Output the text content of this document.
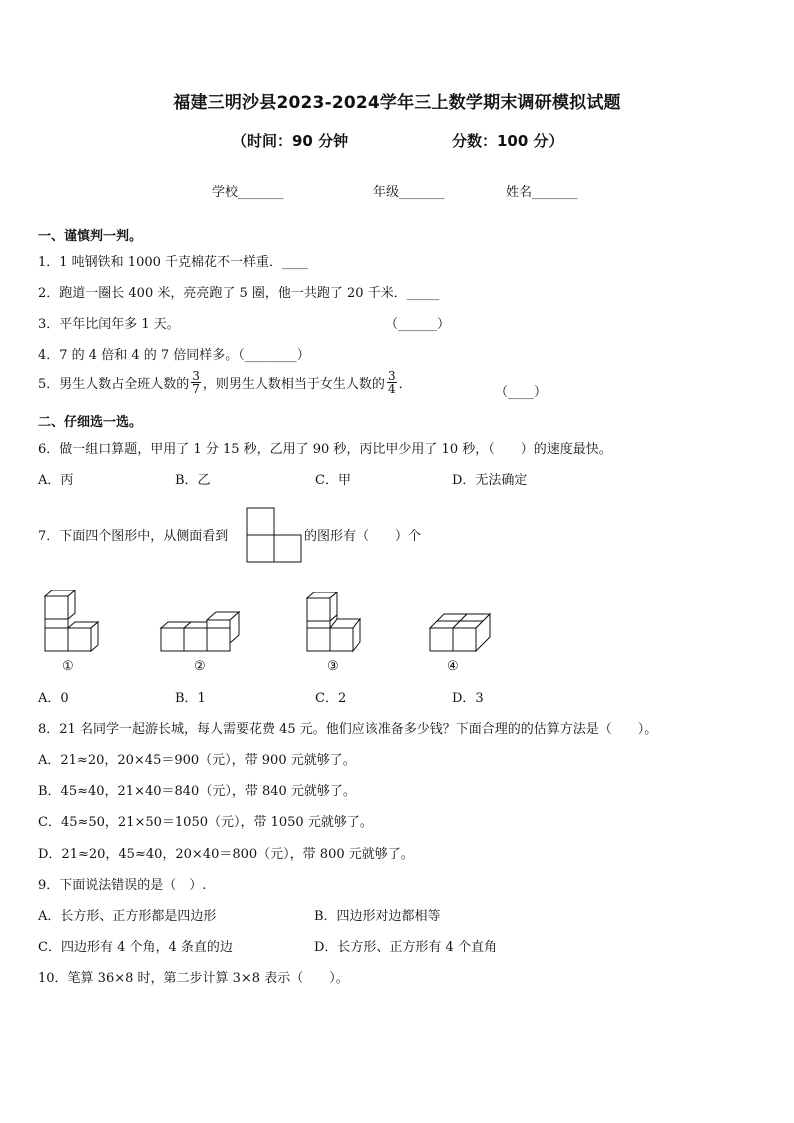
福建三明沙县2023-2024学年三上数学期末调研模拟试题
（时间：90 分钟	分数：100 分）
学校_______	年级_______	姓名_______
一、谨慎判一判。
1．1 吨钢铁和 1000 千克棉花不一样重．____
2．跑道一圈长 400 米，亮亮跑了 5 圈，他一共跑了 20 千米．_____
3．平年比闰年多 1 天。	（______）
4．7 的 4 倍和 4 的 7 倍同样多。（________）
5．男生人数占全班人数的 $\frac{3}{7}$ ，则男生人数相当于女生人数的 $\frac{3}{4}$ ．
（____）
二、仔细选一选。
6．做一组口算题，甲用了 1 分 15 秒，乙用了 90 秒，丙比甲少用了 10 秒，（　　）的速度最快。
A．丙	B．乙	C．甲	D．无法确定
7．下面四个图形中，从侧面看到	的图形有（　　）个
①	②	③	④
A．0	B．1	C．2	D．3
8．21 名同学一起游长城，每人需要花费 45 元。他们应该准备多少钱？下面合理的的估算方法是（　　）。
A．21≈20，20×45＝900（元），带 900 元就够了。
B．45≈40，21×40＝840（元），带 840 元就够了。
C．45≈50，21×50＝1050（元），带 1050 元就够了。
D．21≈20，45≈40，20×40＝800（元），带 800 元就够了。
9．下面说法错误的是（　）.
A．长方形、正方形都是四边形	B．四边形对边都相等
C．四边形有 4 个角，4 条直的边	D．长方形、正方形有 4 个直角
10．笔算 36×8 时，第二步计算 3×8 表示（　　）。
